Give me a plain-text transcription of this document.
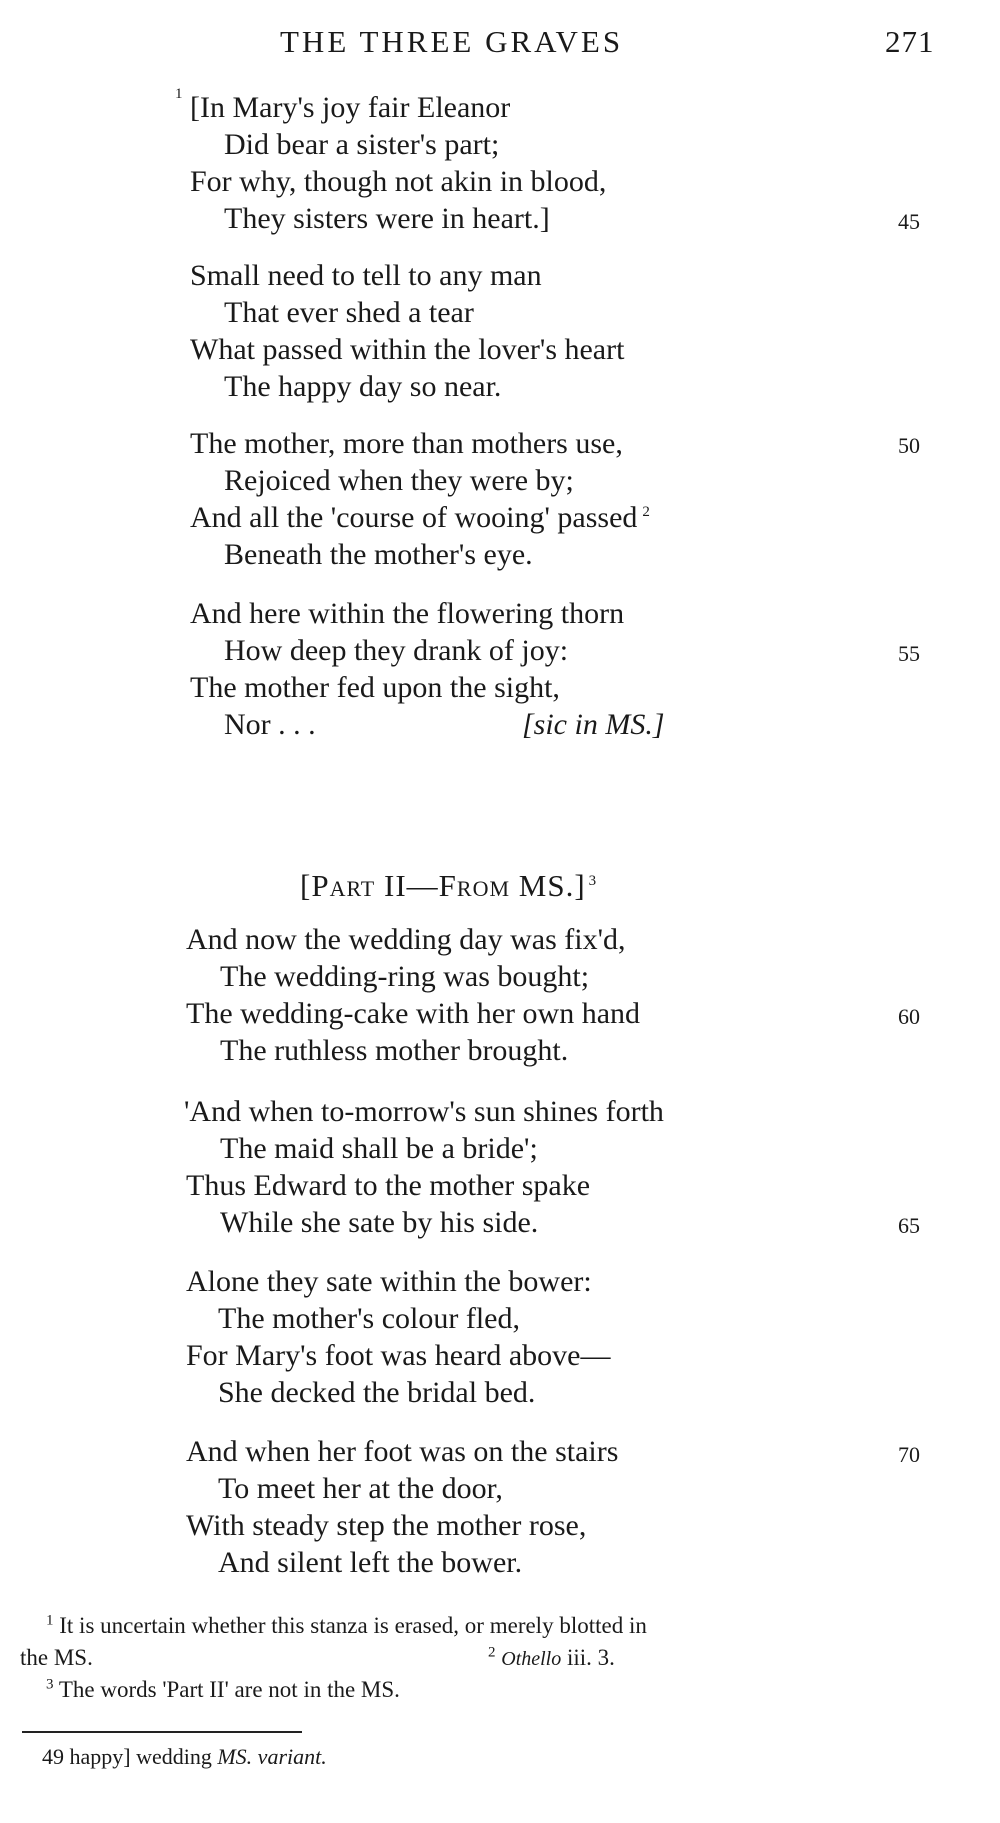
THE THREE GRAVES	271
1 [In Mary's joy fair Eleanor
Did bear a sister's part;
For why, though not akin in blood,
They sisters were in heart.]	45
Small need to tell to any man
That ever shed a tear
What passed within the lover's heart
The happy day so near.
The mother, more than mothers use,	50
Rejoiced when they were by;
And all the 'course of wooing' passed $^2$
Beneath the mother's eye.
And here within the flowering thorn
How deep they drank of joy:	55
The mother fed upon the sight,
Nor . . .	[sic in MS.]
[Part II—From MS.] $^3$
And now the wedding day was fix'd,
The wedding-ring was bought;
The wedding-cake with her own hand	60
The ruthless mother brought.
'And when to-morrow's sun shines forth
The maid shall be a bride';
Thus Edward to the mother spake
While she sate by his side.	65
Alone they sate within the bower:
The mother's colour fled,
For Mary's foot was heard above—
She decked the bridal bed.
And when her foot was on the stairs	70
To meet her at the door,
With steady step the mother rose,
And silent left the bower.
$^1$ It is uncertain whether this stanza is erased, or merely blotted in
the MS.	$^2$ Othello iii. 3.
$^3$ The words 'Part II' are not in the MS.
49 happy] wedding MS. variant.
